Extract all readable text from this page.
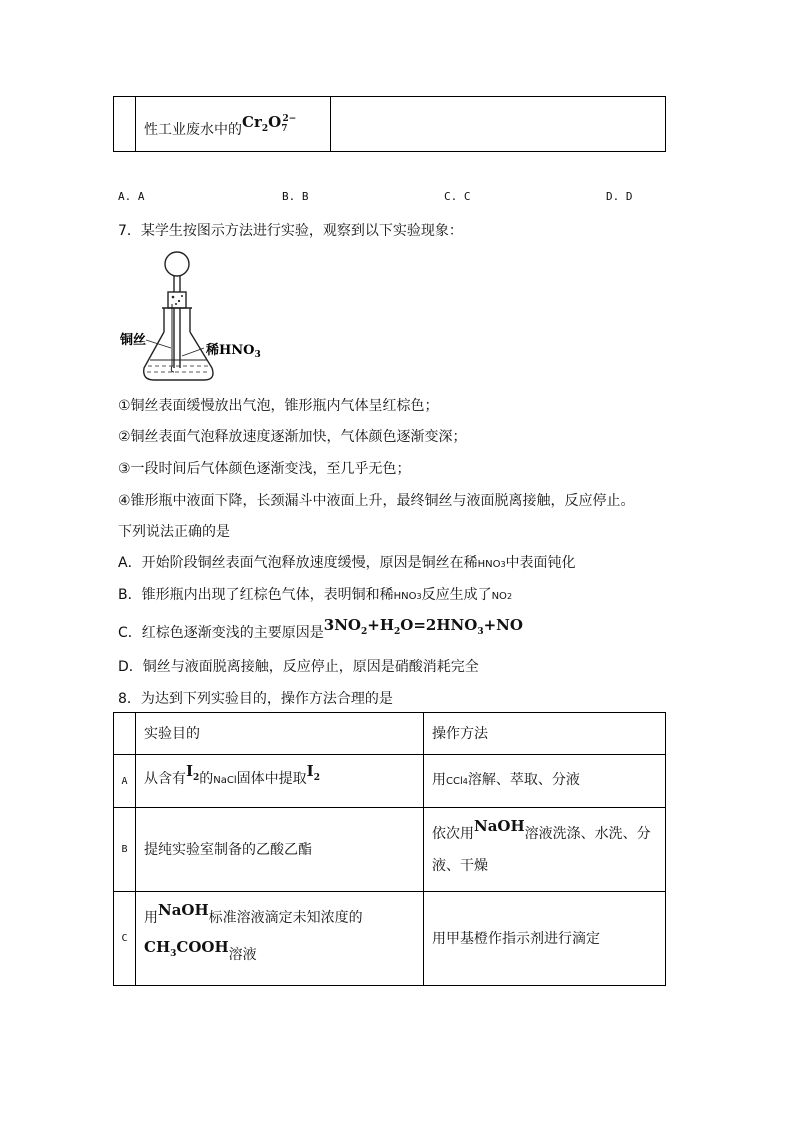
性工业废水中的$Cr_2O_7^{2-}$

A. A	B. B	C. C	D. D
7．某学生按图示方法进行实验，观察到以下实验现象：
铜丝
稀$HNO_3$
①铜丝表面缓慢放出气泡，锥形瓶内气体呈红棕色；
②铜丝表面气泡释放速度逐渐加快，气体颜色逐渐变深；
③一段时间后气体颜色逐渐变浅，至几乎无色；
④锥形瓶中液面下降，长颈漏斗中液面上升，最终铜丝与液面脱离接触，反应停止。
下列说法正确的是
A．开始阶段铜丝表面气泡释放速度缓慢，原因是铜丝在稀HNO3中表面钝化
B．锥形瓶内出现了红棕色气体，表明铜和稀HNO3反应生成了NO2
C．红棕色逐渐变浅的主要原因是$3NO_2+H_2O=2HNO_3+NO$
D．铜丝与液面脱离接触，反应停止，原因是硝酸消耗完全
8．为达到下列实验目的，操作方法合理的是

	实验目的	操作方法

A	从含有$I_2$的NaCl固体中提取$I_2$	用CCl4溶解、萃取、分液

B	提纯实验室制备的乙酸乙酯	依次用NaOH溶液洗涤、水洗、分
液、干燥

C	用NaOH标准溶液滴定未知浓度的
$CH_3COOH$溶液	用甲基橙作指示剂进行滴定
